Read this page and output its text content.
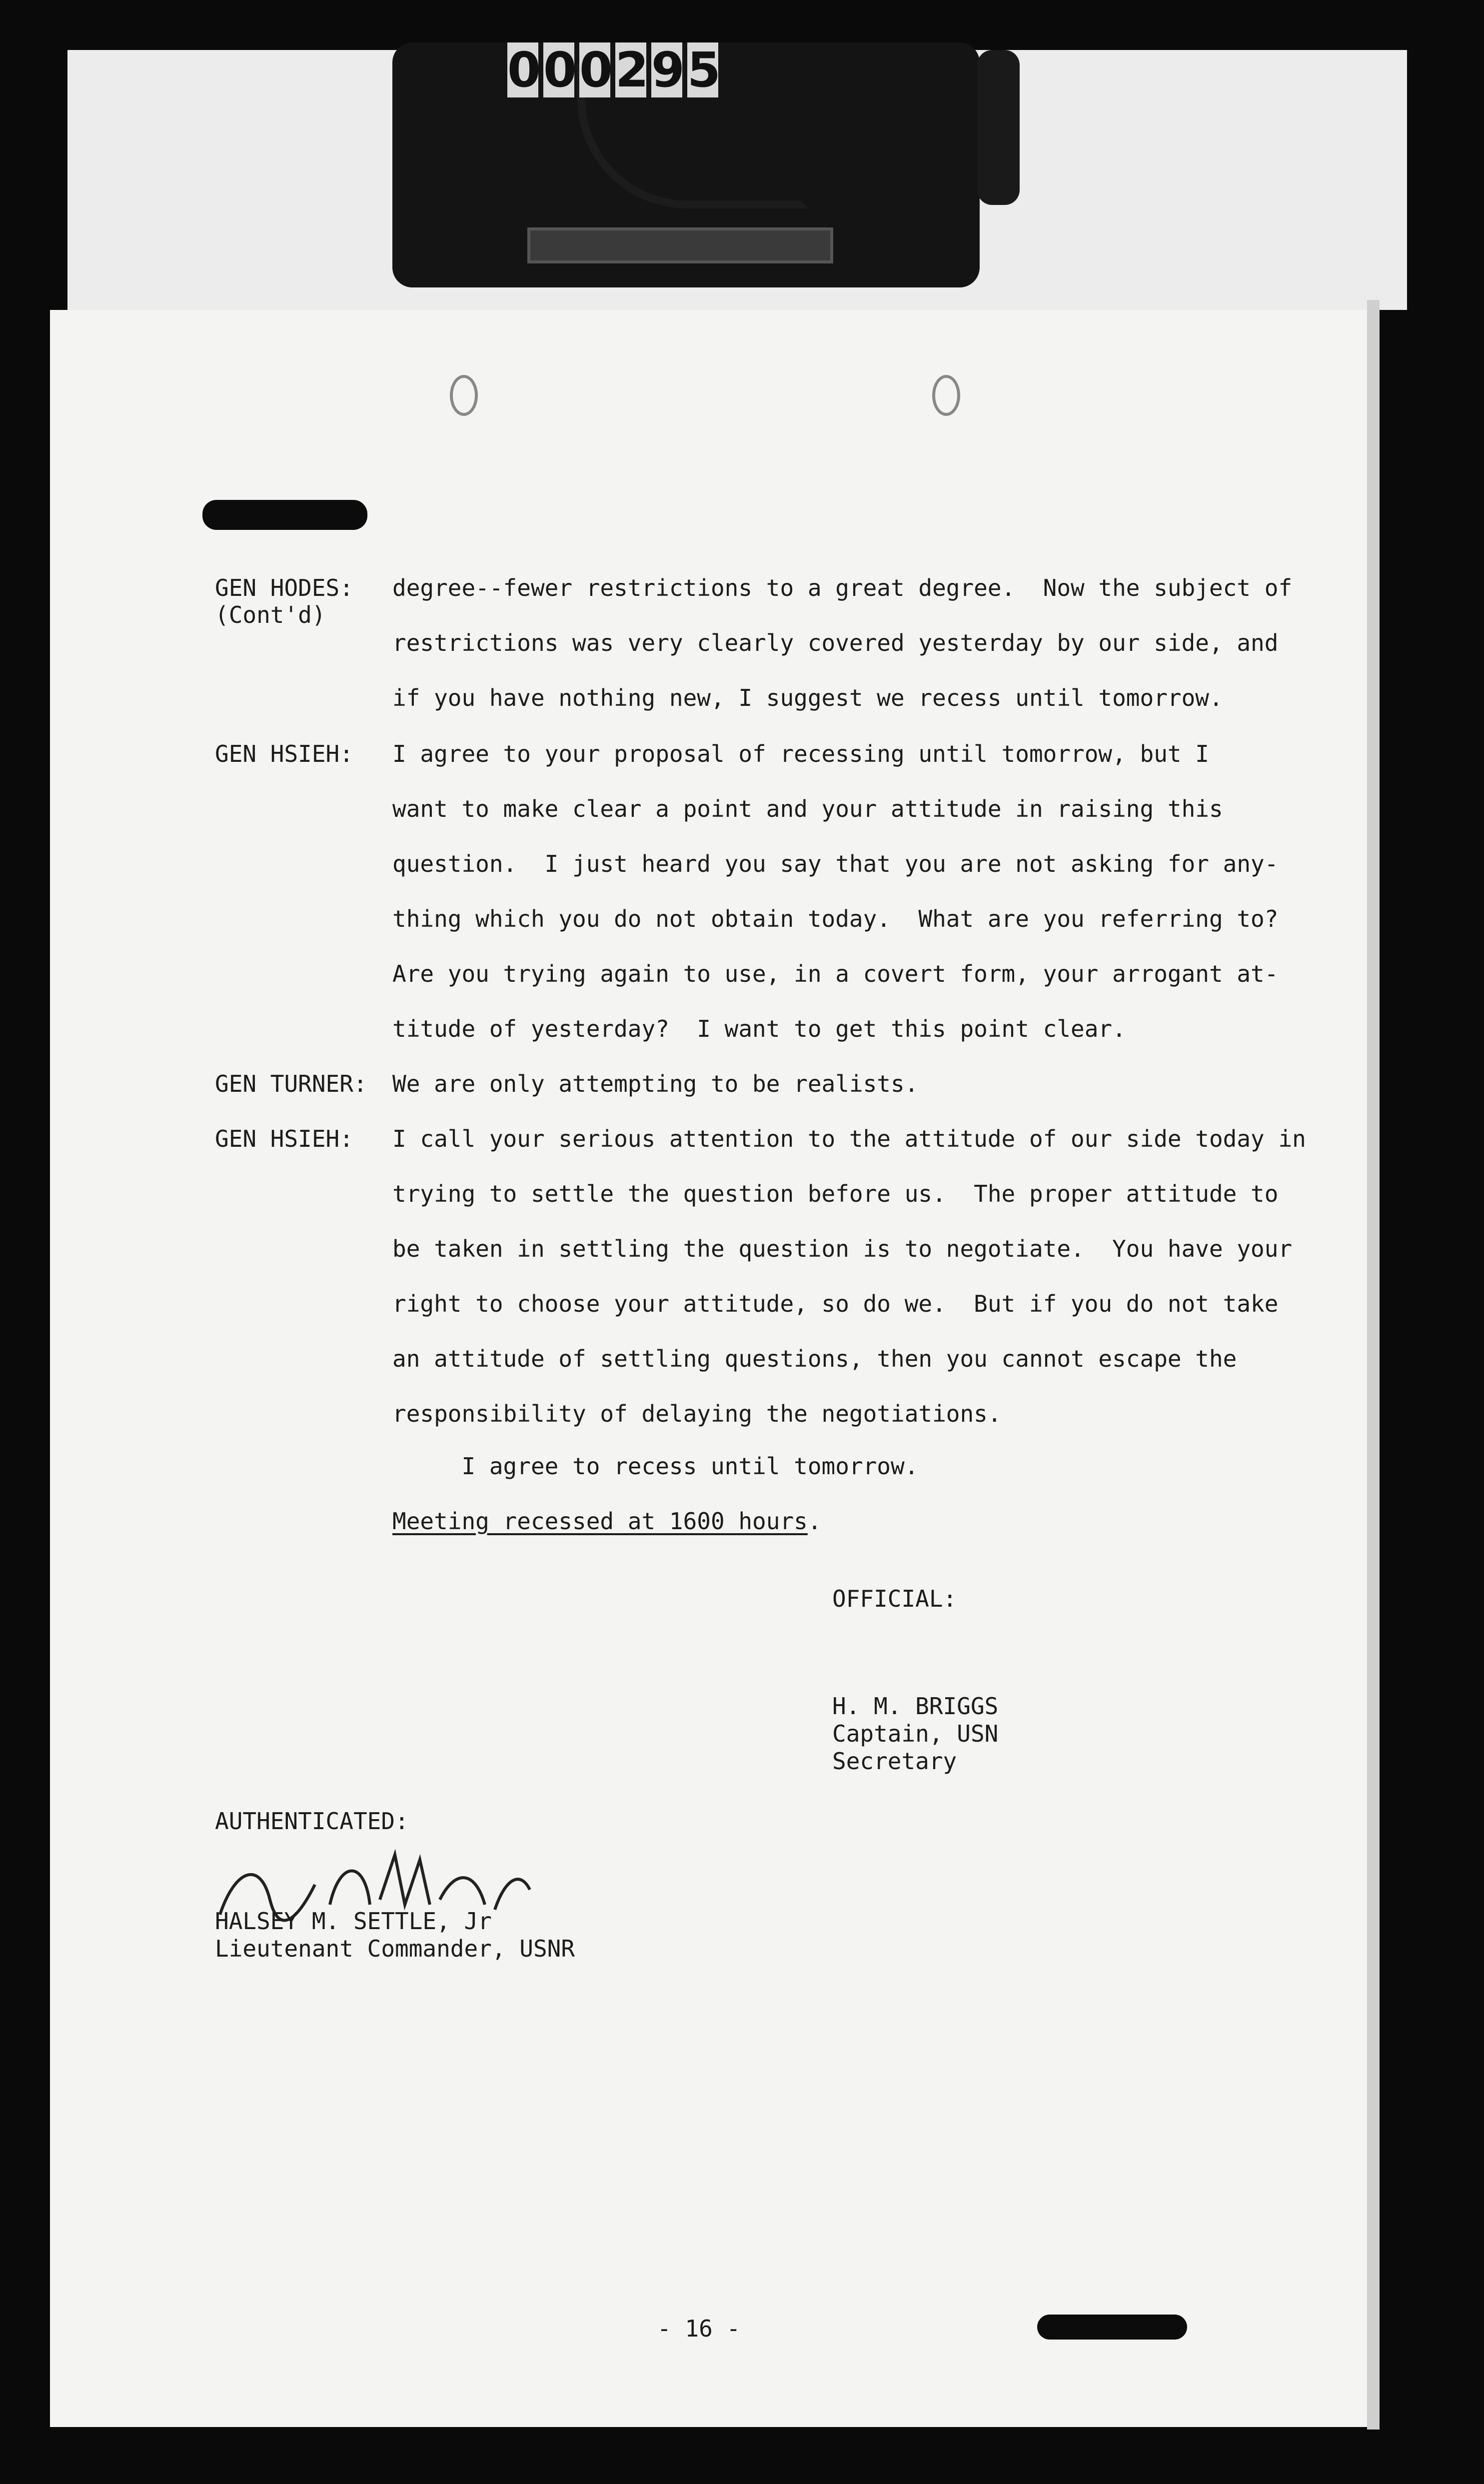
0 0 0 2 9 5
GEN HODES:
(Cont'd)
degree--fewer restrictions to a great degree.  Now the subject of
restrictions was very clearly covered yesterday by our side, and
if you have nothing new, I suggest we recess until tomorrow.
GEN HSIEH: I agree to your proposal of recessing until tomorrow, but I
want to make clear a point and your attitude in raising this
question.  I just heard you say that you are not asking for any-
thing which you do not obtain today.  What are you referring to?
Are you trying again to use, in a covert form, your arrogant at-
titude of yesterday?  I want to get this point clear.
GEN TURNER: We are only attempting to be realists.
GEN HSIEH: I call your serious attention to the attitude of our side today in
trying to settle the question before us.  The proper attitude to
be taken in settling the question is to negotiate.  You have your
right to choose your attitude, so do we.  But if you do not take
an attitude of settling questions, then you cannot escape the
responsibility of delaying the negotiations.
I agree to recess until tomorrow.
Meeting recessed at 1600 hours.
OFFICIAL:
H. M. BRIGGS
Captain, USN
Secretary
AUTHENTICATED:
HALSEY M. SETTLE, Jr
Lieutenant Commander, USNR
- 16 -
